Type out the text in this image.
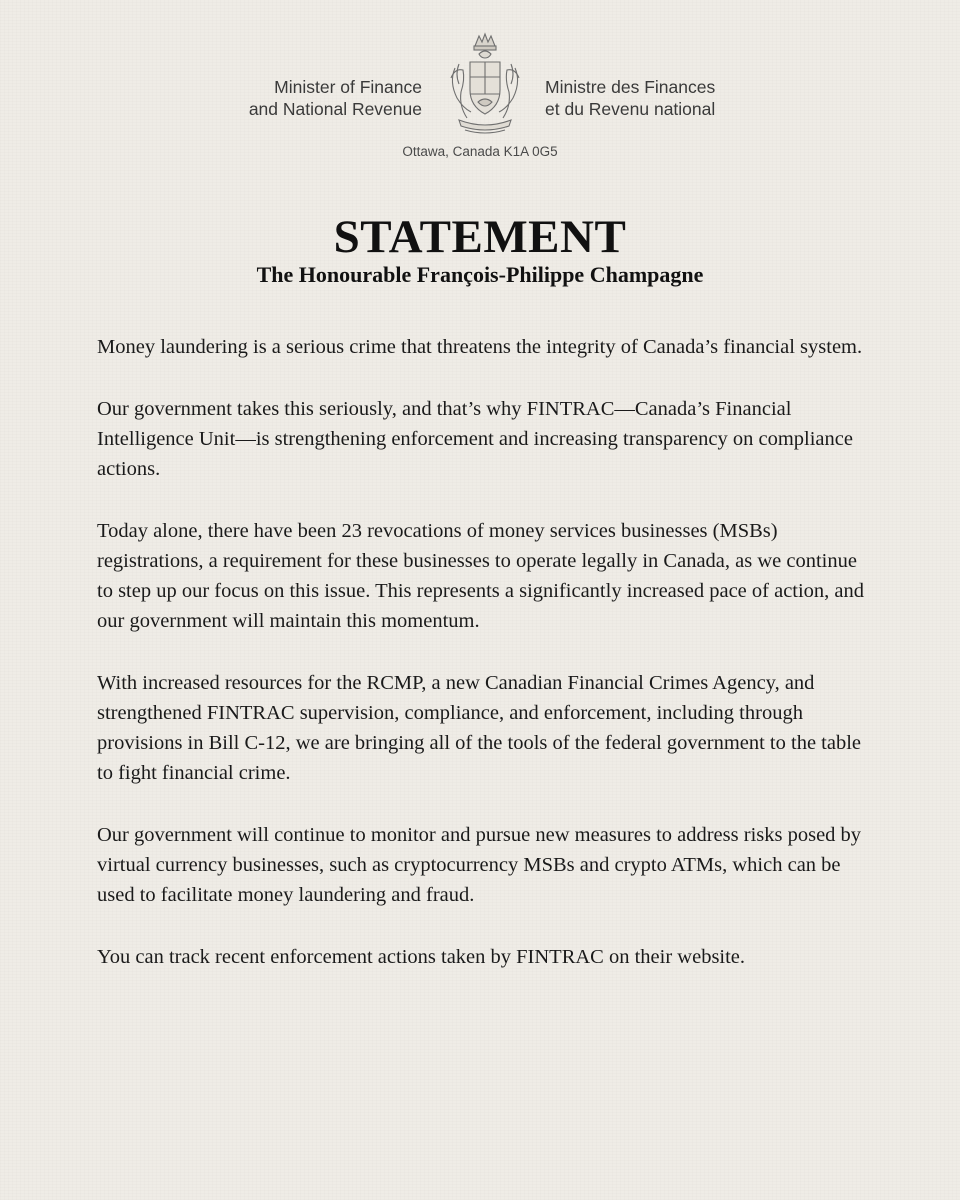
Minister of Finance
and National Revenue
Ministre des Finances
et du Revenu national
Ottawa, Canada K1A 0G5
STATEMENT
The Honourable François-Philippe Champagne

Money laundering is a serious crime that threatens the integrity of Canada’s financial system.

Our government takes this seriously, and that’s why FINTRAC—Canada’s Financial Intelligence Unit—is strengthening enforcement and increasing transparency on compliance actions.

Today alone, there have been 23 revocations of money services businesses (MSBs) registrations, a requirement for these businesses to operate legally in Canada, as we continue to step up our focus on this issue. This represents a significantly increased pace of action, and our government will maintain this momentum.

With increased resources for the RCMP, a new Canadian Financial Crimes Agency, and strengthened FINTRAC supervision, compliance, and enforcement, including through provisions in Bill C-12, we are bringing all of the tools of the federal government to the table to fight financial crime.

Our government will continue to monitor and pursue new measures to address risks posed by virtual currency businesses, such as cryptocurrency MSBs and crypto ATMs, which can be used to facilitate money laundering and fraud.

You can track recent enforcement actions taken by FINTRAC on their website.
